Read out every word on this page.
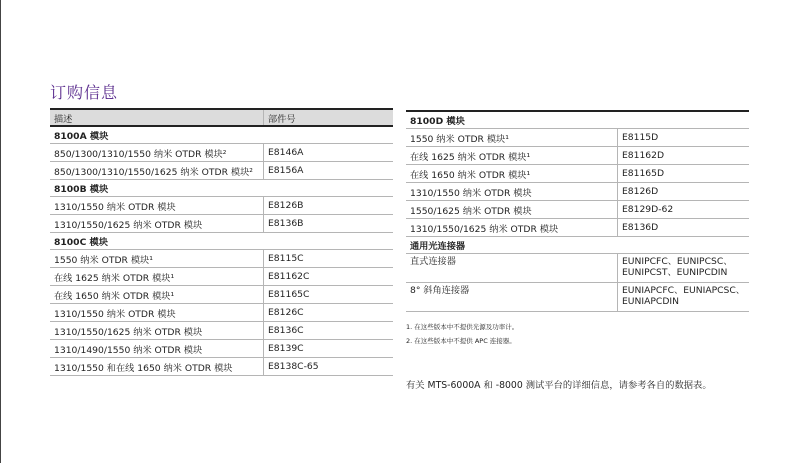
订购信息
描述	部件号
8100A 模块	
850/1300/1310/1550 纳米 OTDR 模块²	E8146A
850/1300/1310/1550/1625 纳米 OTDR 模块²	E8156A
8100B 模块	
1310/1550 纳米 OTDR 模块	E8126B
1310/1550/1625 纳米 OTDR 模块	E8136B
8100C 模块	
1550 纳米 OTDR 模块¹	E8115C
在线 1625 纳米 OTDR 模块¹	E81162C
在线 1650 纳米 OTDR 模块¹	E81165C
1310/1550 纳米 OTDR 模块	E8126C
1310/1550/1625 纳米 OTDR 模块	E8136C
1310/1490/1550 纳米 OTDR 模块	E8139C
1310/1550 和在线 1650 纳米 OTDR 模块	E8138C-65
8100D 模块	
1550 纳米 OTDR 模块¹	E8115D
在线 1625 纳米 OTDR 模块¹	E81162D
在线 1650 纳米 OTDR 模块¹	E81165D
1310/1550 纳米 OTDR 模块	E8126D
1550/1625 纳米 OTDR 模块	E8129D-62
1310/1550/1625 纳米 OTDR 模块	E8136D
通用光连接器	
直式连接器	EUNIPCFC、EUNIPCSC、
EUNIPCST、EUNIPCDIN

8° 斜角连接器	EUNIAPCFC、EUNIAPCSC、
EUNIAPCDIN
1. 在这些版本中不提供光源及功率计。
2. 在这些版本中不提供 APC 连接器。
有关 MTS-6000A 和 -8000 测试平台的详细信息，请参考各自的数据表。
